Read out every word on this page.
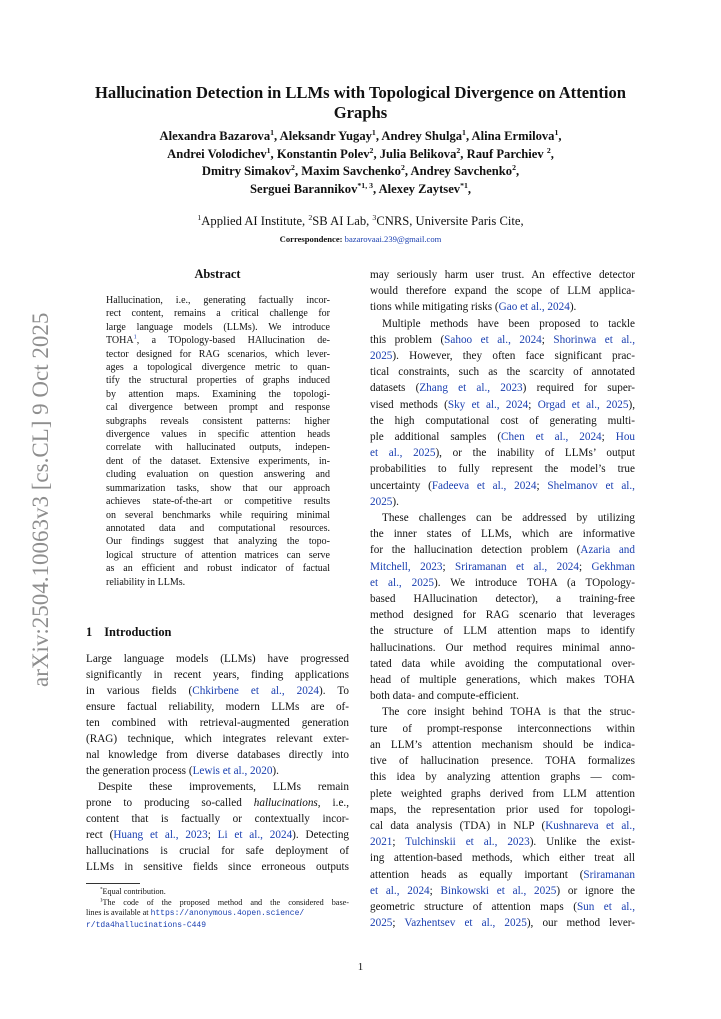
arXiv:2504.10063v3 [cs.CL] 9 Oct 2025
Hallucination Detection in LLMs with Topological Divergence on Attention Graphs
Alexandra Bazarova$^1$, Aleksandr Yugay$^1$, Andrey Shulga$^1$, Alina Ermilova$^1$,
Andrei Volodichev$^1$, Konstantin Polev$^2$, Julia Belikova$^2$, Rauf Parchiev $^2$,
Dmitry Simakov$^2$, Maxim Savchenko$^2$, Andrey Savchenko$^2$,
Serguei Barannikov$^{*1, 3}$, Alexey Zaytsev$^{*1}$,
$^1$Applied AI Institute, $^2$SB AI Lab, $^3$CNRS, Universite Paris Cite,
Correspondence: bazarovaai.239@gmail.com
Abstract
Hallucination, i.e., generating factually incor-
rect content, remains a critical challenge for
large language models (LLMs). We introduce
TOHA$^1$, a TOpology-based HAllucination de-
tector designed for RAG scenarios, which lever-
ages a topological divergence metric to quan-
tify the structural properties of graphs induced
by attention maps. Examining the topologi-
cal divergence between prompt and response
subgraphs reveals consistent patterns: higher
divergence values in specific attention heads
correlate with hallucinated outputs, indepen-
dent of the dataset. Extensive experiments, in-
cluding evaluation on question answering and
summarization tasks, show that our approach
achieves state-of-the-art or competitive results
on several benchmarks while requiring minimal
annotated data and computational resources.
Our findings suggest that analyzing the topo-
logical structure of attention matrices can serve
as an efficient and robust indicator of factual
reliability in LLMs.
1 Introduction
Large language models (LLMs) have progressed
significantly in recent years, finding applications
in various fields (Chkirbene et al., 2024). To
ensure factual reliability, modern LLMs are of-
ten combined with retrieval-augmented generation
(RAG) technique, which integrates relevant exter-
nal knowledge from diverse databases directly into
the generation process (Lewis et al., 2020).
Despite these improvements, LLMs remain
prone to producing so-called hallucinations, i.e.,
content that is factually or contextually incor-
rect (Huang et al., 2023; Li et al., 2024). Detecting
hallucinations is crucial for safe deployment of
LLMs in sensitive fields since erroneous outputs
may seriously harm user trust. An effective detector
would therefore expand the scope of LLM applica-
tions while mitigating risks (Gao et al., 2024).
Multiple methods have been proposed to tackle
this problem (Sahoo et al., 2024; Shorinwa et al.,
2025). However, they often face significant prac-
tical constraints, such as the scarcity of annotated
datasets (Zhang et al., 2023) required for super-
vised methods (Sky et al., 2024; Orgad et al., 2025),
the high computational cost of generating multi-
ple additional samples (Chen et al., 2024; Hou
et al., 2025), or the inability of LLMs’ output
probabilities to fully represent the model’s true
uncertainty (Fadeeva et al., 2024; Shelmanov et al.,
2025).
These challenges can be addressed by utilizing
the inner states of LLMs, which are informative
for the hallucination detection problem (Azaria and
Mitchell, 2023; Sriramanan et al., 2024; Gekhman
et al., 2025). We introduce TOHA (a TOpology-
based HAllucination detector), a training-free
method designed for RAG scenario that leverages
the structure of LLM attention maps to identify
hallucinations. Our method requires minimal anno-
tated data while avoiding the computational over-
head of multiple generations, which makes TOHA
both data- and compute-efficient.
The core insight behind TOHA is that the struc-
ture of prompt-response interconnections within
an LLM’s attention mechanism should be indica-
tive of hallucination presence. TOHA formalizes
this idea by analyzing attention graphs — com-
plete weighted graphs derived from LLM attention
maps, the representation prior used for topologi-
cal data analysis (TDA) in NLP (Kushnareva et al.,
2021; Tulchinskii et al., 2023). Unlike the exist-
ing attention-based methods, which either treat all
attention heads as equally important (Sriramanan
et al., 2024; Binkowski et al., 2025) or ignore the
geometric structure of attention maps (Sun et al.,
2025; Vazhentsev et al., 2025), our method lever-
*Equal contribution.
$^1$The code of the proposed method and the considered base-
lines is available at https://anonymous.4open.science/
r/tda4hallucinations-C449
1
